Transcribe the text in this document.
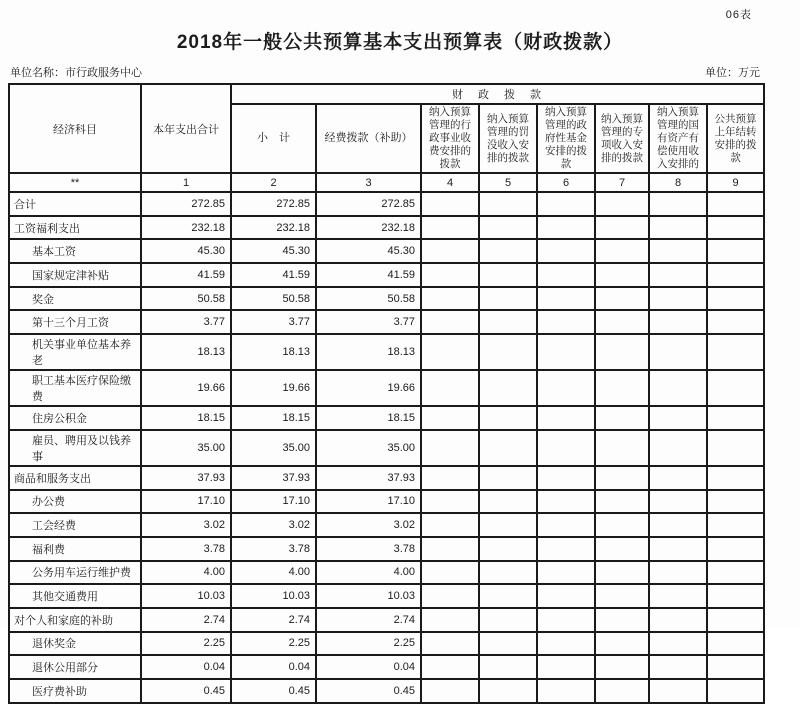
06表
2018年一般公共预算基本支出预算表（财政拨款）
单位名称：市行政服务中心	单位：万元
经济科目	本年支出合计	财　政　拨　款							
		小　计	经费拨款（补助）	纳入预算管理的行政事业收费安排的拨款	纳入预算管理的罚没收入安排的拨款	纳入预算管理的政府性基金安排的拨款	纳入预算管理的专项收入安排的拨款	纳入预算管理的国有资产有偿使用收入安排的	公共预算上年结转安排的拨款
**	1	2	3	4	5	6	7	8	9
合计	272.85	272.85	272.85						
工资福利支出	232.18	232.18	232.18						
基本工资	45.30	45.30	45.30						
国家规定津补贴	41.59	41.59	41.59						
奖金	50.58	50.58	50.58						
第十三个月工资	3.77	3.77	3.77						
机关事业单位基本养老	18.13	18.13	18.13						
职工基本医疗保险缴费	19.66	19.66	19.66						
住房公积金	18.15	18.15	18.15						
雇员、聘用及以钱养事	35.00	35.00	35.00						
商品和服务支出	37.93	37.93	37.93						
办公费	17.10	17.10	17.10						
工会经费	3.02	3.02	3.02						
福利费	3.78	3.78	3.78						
公务用车运行维护费	4.00	4.00	4.00						
其他交通费用	10.03	10.03	10.03						
对个人和家庭的补助	2.74	2.74	2.74						
退休奖金	2.25	2.25	2.25						
退休公用部分	0.04	0.04	0.04						
医疗费补助	0.45	0.45	0.45						
